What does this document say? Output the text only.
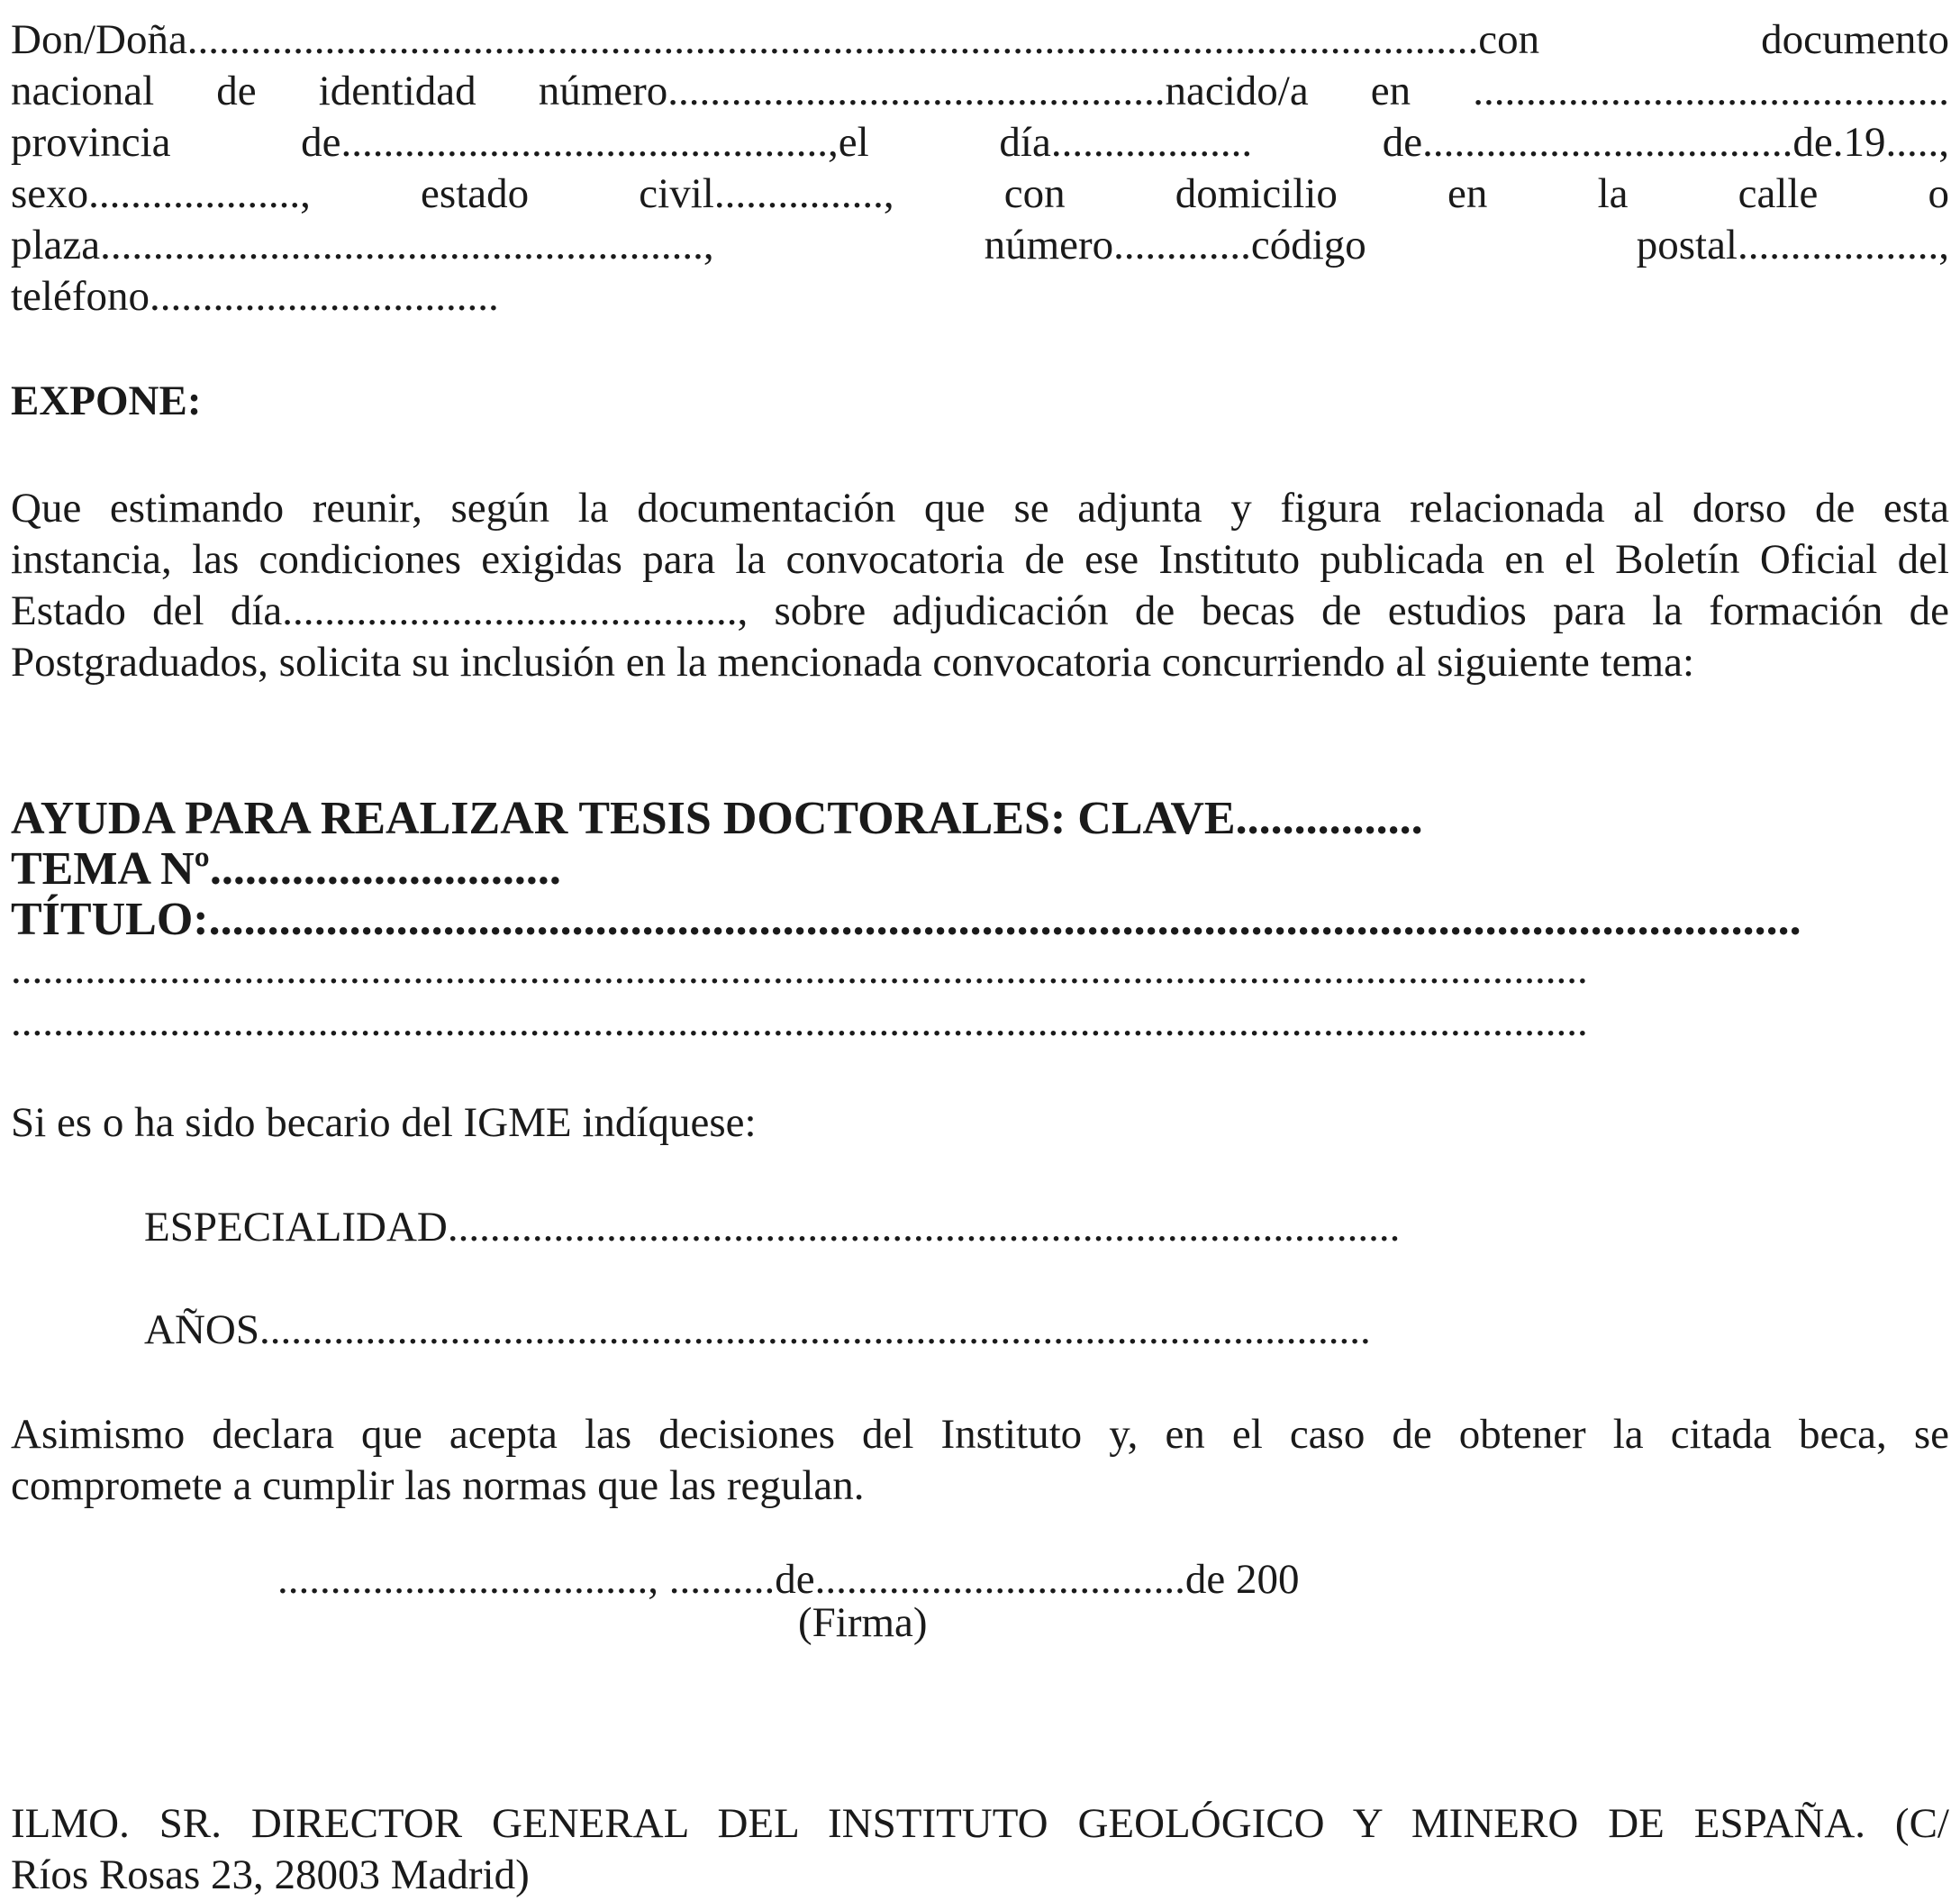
Don/Doña..........................................................................................................................con documento
nacional de identidad número...............................................nacido/a en .............................................
provincia de..............................................,el día................... de...................................de.19.....,
sexo...................., estado civil................, con domicilio en la calle o
plaza........................................................., número.............código postal...................,
teléfono.................................
EXPONE:
Que estimando reunir, según la documentación que se adjunta y figura relacionada al dorso de esta
instancia, las condiciones exigidas para la convocatoria de ese Instituto publicada en el Boletín Oficial del
Estado del día..........................................., sobre adjudicación de becas de estudios para la formación de
Postgraduados, solicita su inclusión en la mencionada convocatoria concurriendo al siguiente tema:
AYUDA PARA REALIZAR TESIS DOCTORALES: CLAVE................
TEMA Nº..............................
TÍTULO:........................................................................................................................................
.....................................................................................................................................................
.....................................................................................................................................................
Si es o ha sido becario del IGME indíquese:
ESPECIALIDAD..........................................................................................
AÑOS.........................................................................................................
Asimismo declara que acepta las decisiones del Instituto y, en el caso de obtener la citada beca, se
compromete a cumplir las normas que las regulan.
..................................., ..........de...................................de 200
(Firma)
ILMO. SR. DIRECTOR GENERAL DEL INSTITUTO GEOLÓGICO Y MINERO DE ESPAÑA. (C/
Ríos Rosas 23, 28003 Madrid)
